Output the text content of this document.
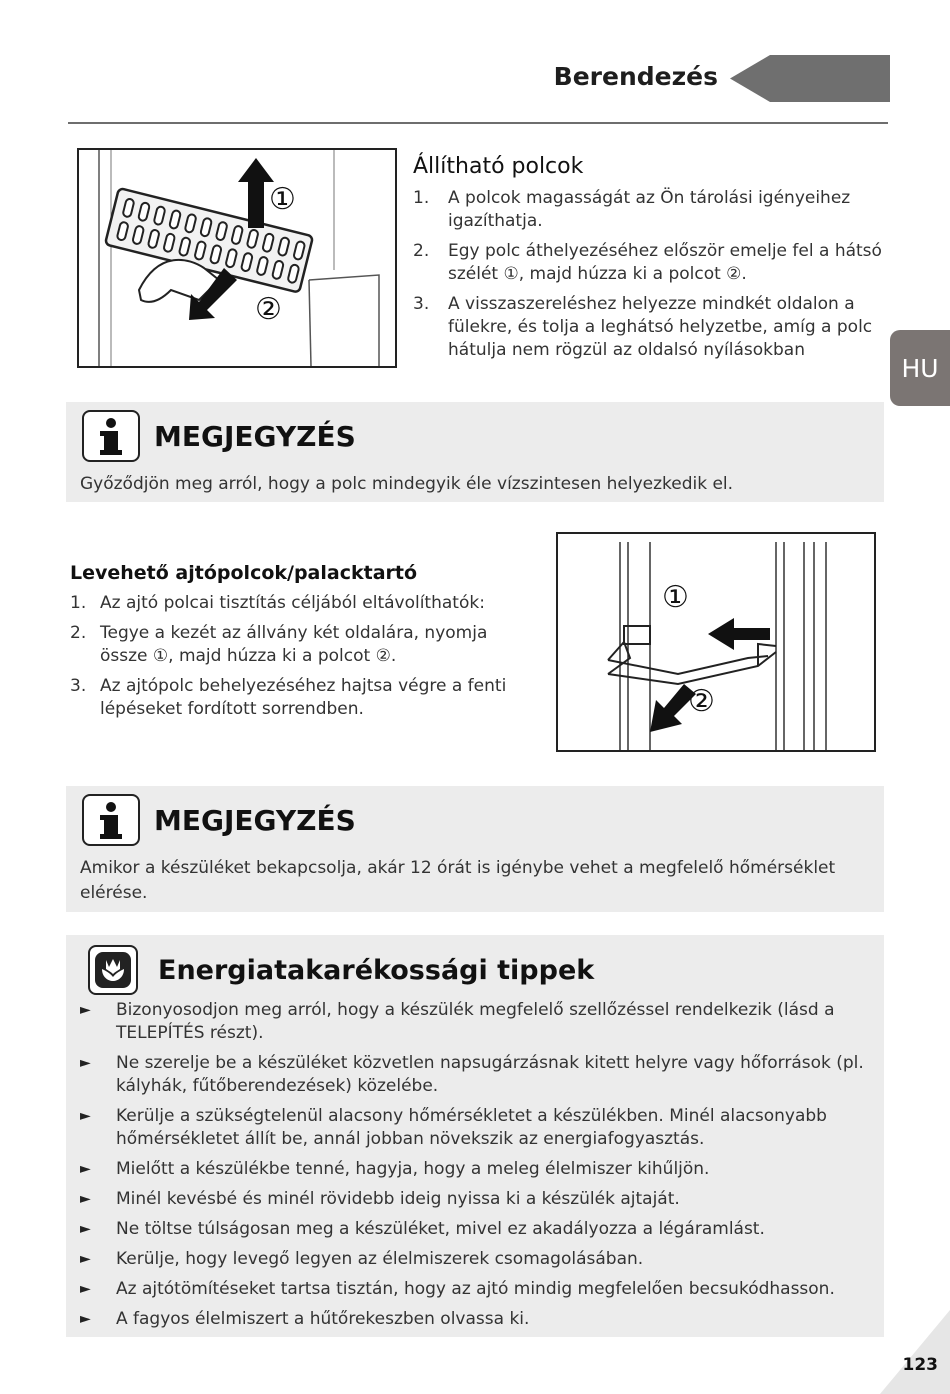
Berendezés
HU
①
②
Állítható polcok
1.	A polcok magasságát az Ön tárolási igényeihez igazíthatja.
2.	Egy polc áthelyezéséhez először emelje fel a hátsó szélét ①, majd húzza ki a polcot ②.
3.	A visszaszereléshez helyezze mindkét oldalon a fülekre, és tolja a leghátsó helyzetbe, amíg a polc hátulja nem rögzül az oldalsó nyílásokban
MEGJEGYZÉS
Győződjön meg arról, hogy a polc mindegyik éle vízszintesen helyezkedik el.
Levehető ajtópolcok/palacktartó
1. Az ajtó polcai tisztítás céljából eltávolíthatók:
2. Tegye a kezét az állvány két oldalára, nyomja össze ①, majd húzza ki a polcot ②.
3. Az ajtópolc behelyezéséhez hajtsa végre a fenti lépéseket fordított sorrendben.
①
②
MEGJEGYZÉS
Amikor a készüléket bekapcsolja, akár 12 órát is igénybe vehet a megfelelő hőmérséklet elérése.
Energiatakarékossági tippek
►	Bizonyosodjon meg arról, hogy a készülék megfelelő szellőzéssel rendelkezik (lásd a TELEPÍTÉS részt).
►	Ne szerelje be a készüléket közvetlen napsugárzásnak kitett helyre vagy hőforrások (pl. kályhák, fűtőberendezések) közelébe.
►	Kerülje a szükségtelenül alacsony hőmérsékletet a készülékben. Minél alacsonyabb hőmérsékletet állít be, annál jobban növekszik az energiafogyasztás.
►	Mielőtt a készülékbe tenné, hagyja, hogy a meleg élelmiszer kihűljön.
►	Minél kevésbé és minél rövidebb ideig nyissa ki a készülék ajtaját.
►	Ne töltse túlságosan meg a készüléket, mivel ez akadályozza a légáramlást.
►	Kerülje, hogy levegő legyen az élelmiszerek csomagolásában.
►	Az ajtótömítéseket tartsa tisztán, hogy az ajtó mindig megfelelően becsukódhasson.
►	A fagyos élelmiszert a hűtőrekeszben olvassa ki.
123
